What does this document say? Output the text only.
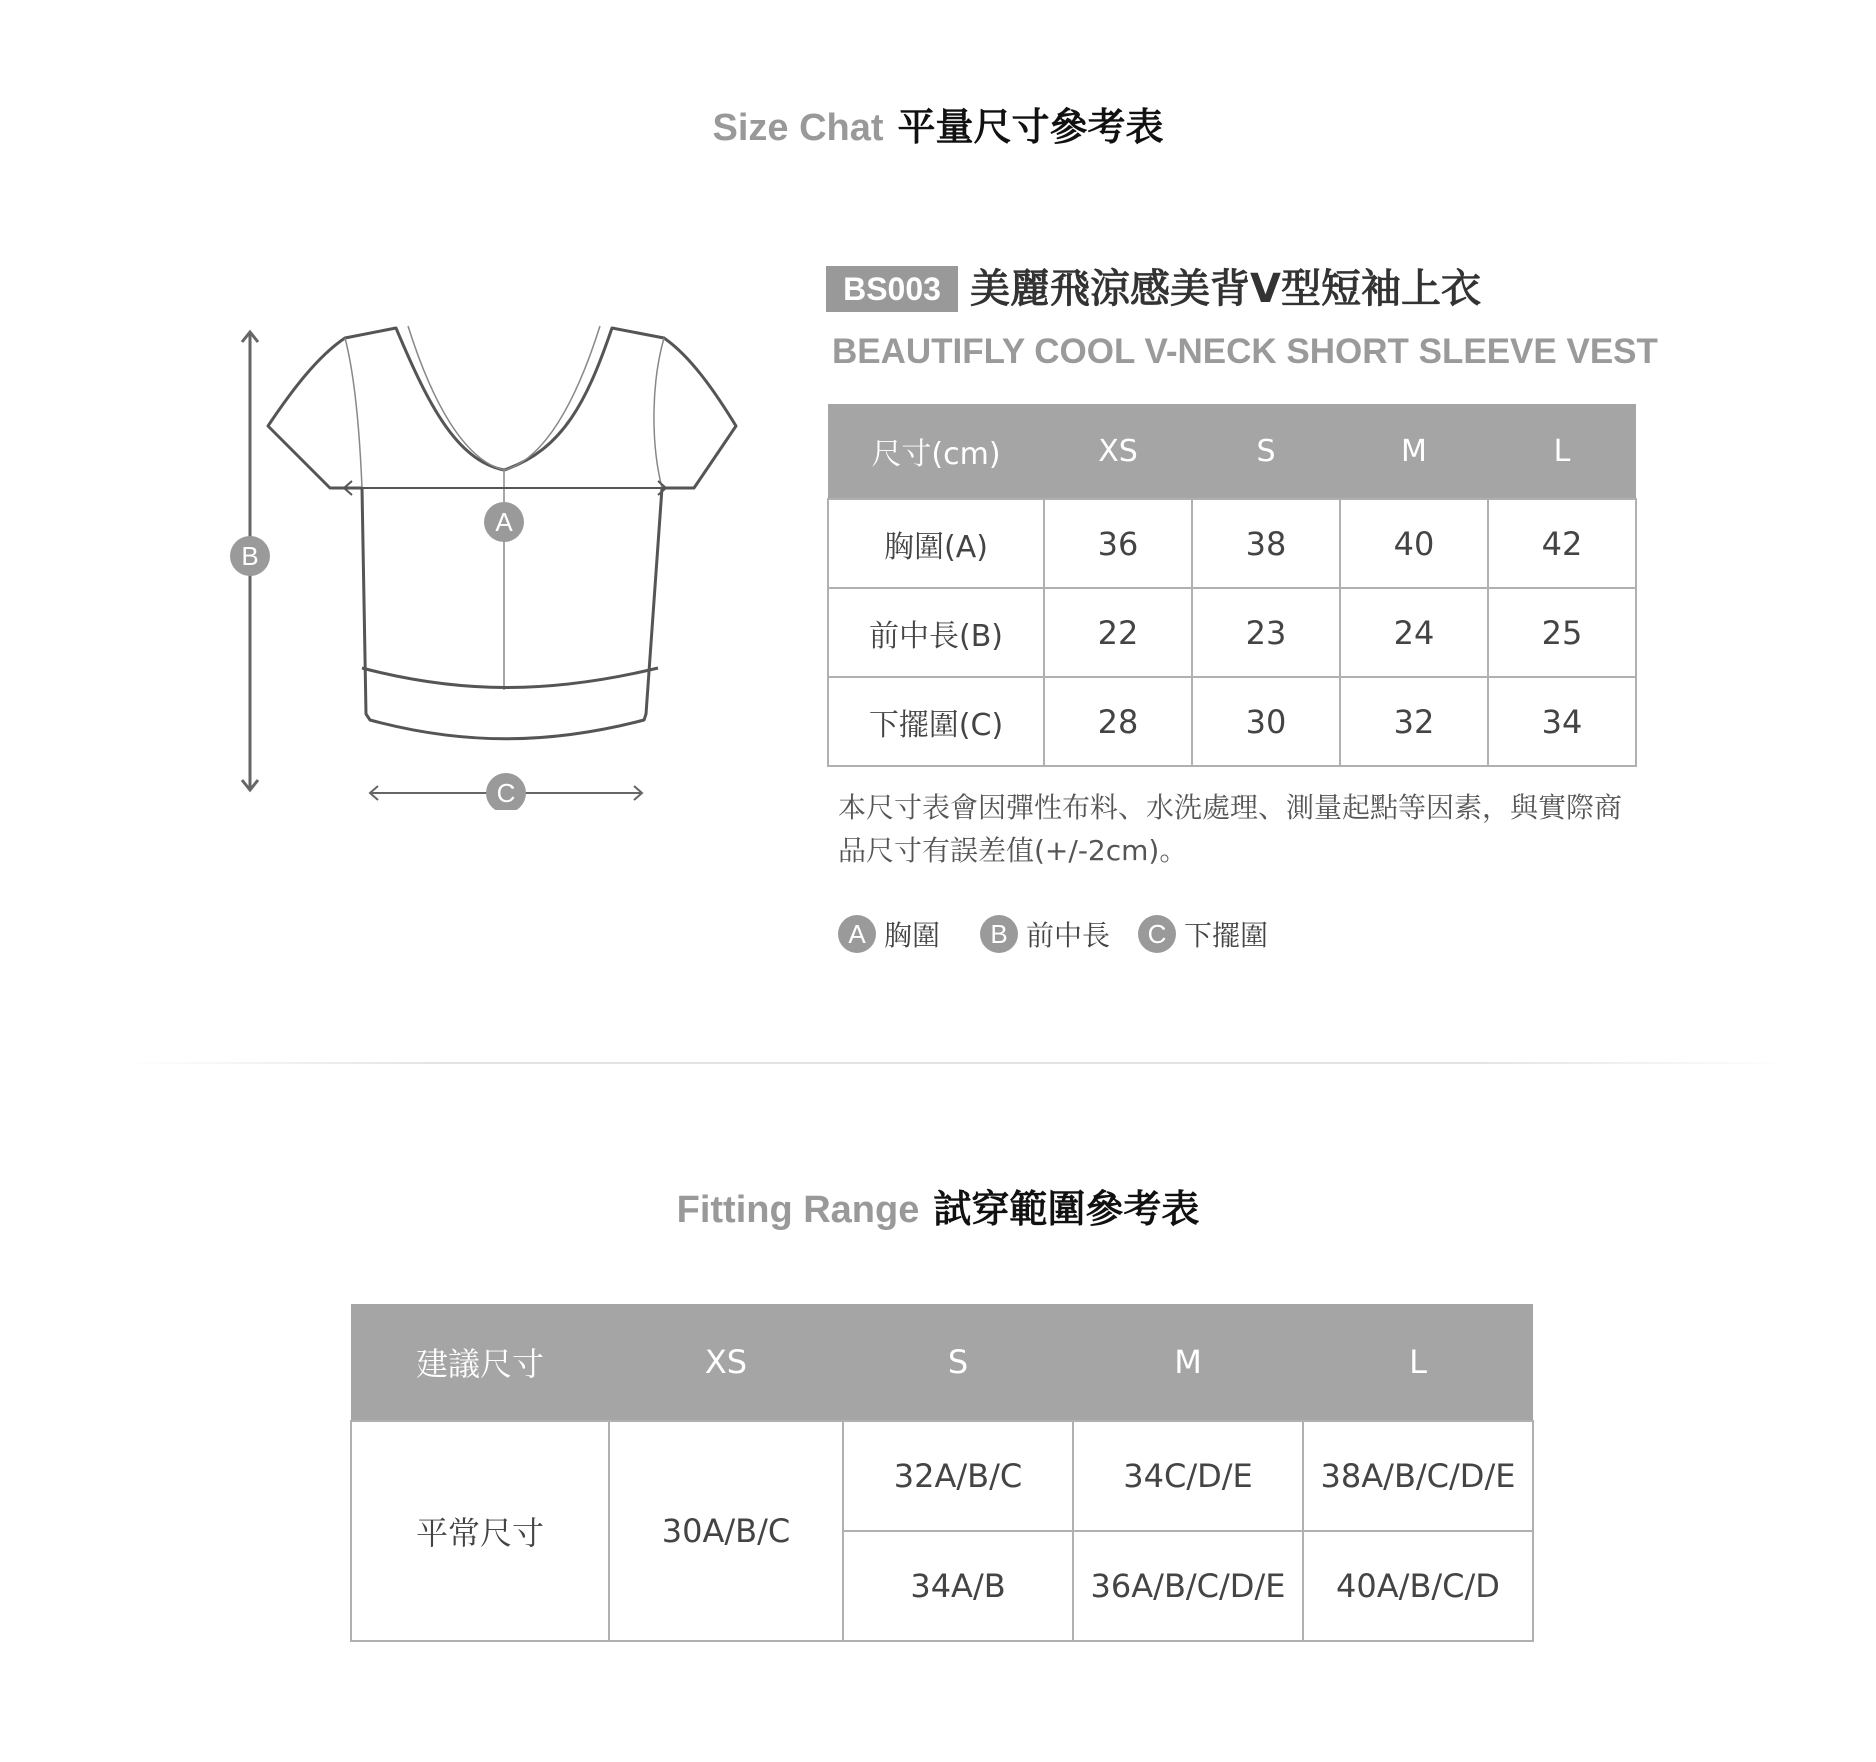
Size Chat 平量尺寸參考表
A
B
C
BS003 美麗飛涼感美背V型短袖上衣
BEAUTIFLY COOL V-NECK SHORT SLEEVE VEST
尺寸(cm)	XS	S	M	L
胸圍(A)	36	38	40	42
前中長(B)	22	23	24	25
下擺圍(C)	28	30	32	34
本尺寸表會因彈性布料、水洗處理、測量起點等因素，與實際商品尺寸有誤差值(+/-2cm)。
A 胸圍	B 前中長	C 下擺圍
Fitting Range 試穿範圍參考表
建議尺寸	XS	S	M	L
平常尺寸	30A/B/C	32A/B/C	34C/D/E	38A/B/C/D/E
		34A/B	36A/B/C/D/E	40A/B/C/D
